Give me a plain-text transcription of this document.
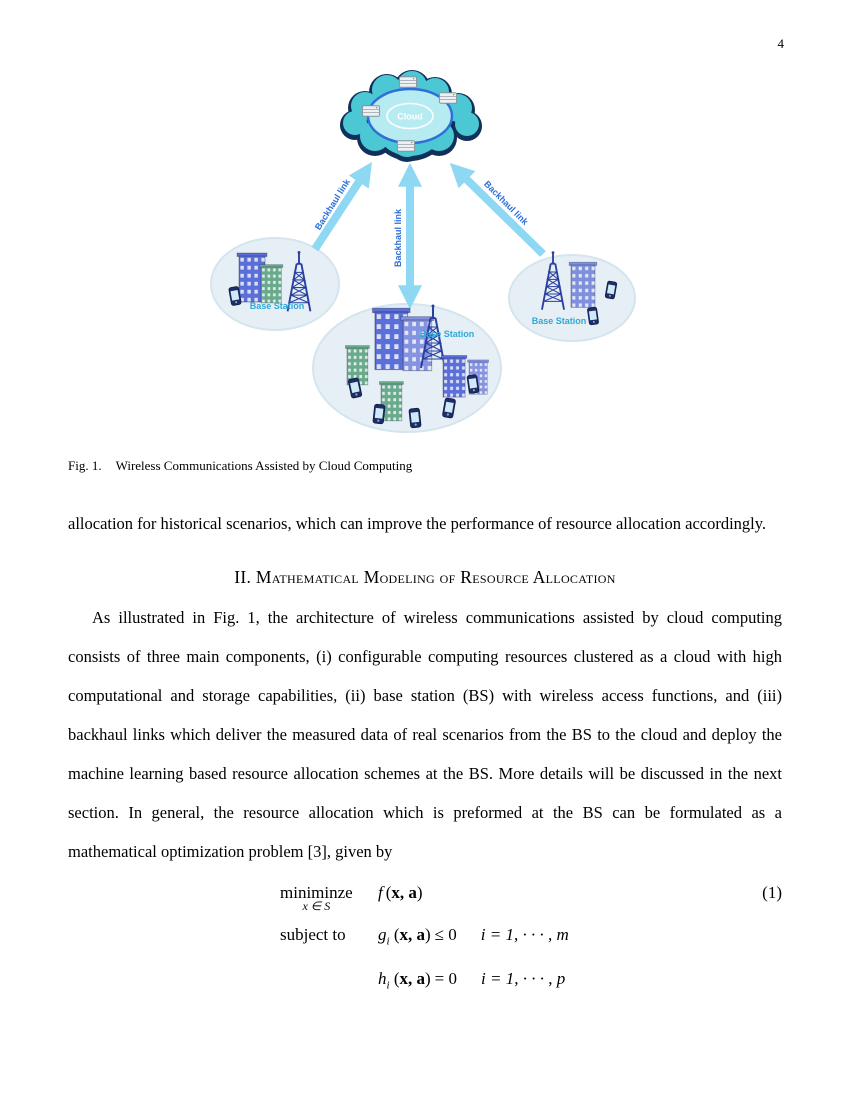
4
Backhaul link
Backhaul link
Backhaul link
Cloud
Base Station
Base Station
Base Station
Fig. 1. Wireless Communications Assisted by Cloud Computing

allocation for historical scenarios, which can improve the performance of resource allocation accordingly.

II. Mathematical Modeling of Resource Allocation

As illustrated in Fig. 1, the architecture of wireless communications assisted by cloud computing consists of three main components, (i) configurable computing resources clustered as a cloud with high computational and storage capabilities, (ii) base station (BS) with wireless access functions, and (iii) backhaul links which deliver the measured data of real scenarios from the BS to the cloud and deploy the machine learning based resource allocation schemes at the BS. More details will be discussed in the next section. In general, the resource allocation which is preformed at the BS can be formulated as a mathematical optimization problem [3], given by

miniminze
x ∈ S
f (x, a)	(1)
subject to	$g_i$ (x, a) ≤ 0 i = 1, · · · , m
$h_i$ (x, a) = 0 i = 1, · · · , p
